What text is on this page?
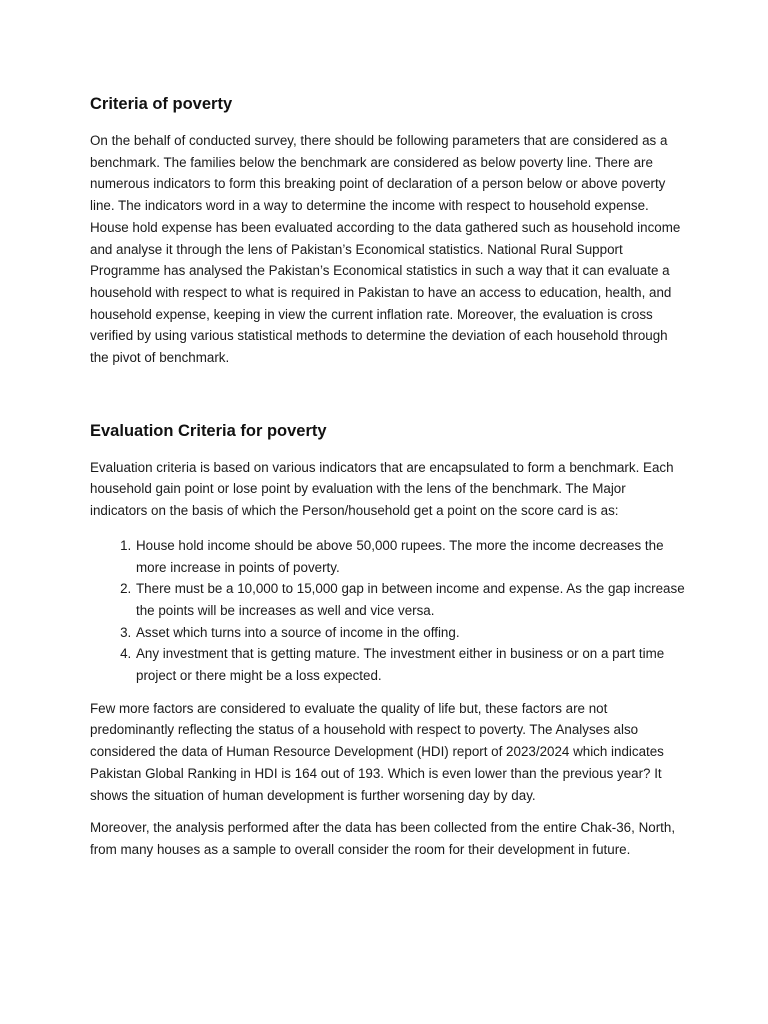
Criteria of poverty

On the behalf of conducted survey, there should be following parameters that are considered as a benchmark. The families below the benchmark are considered as below poverty line. There are numerous indicators to form this breaking point of declaration of a person below or above poverty line. The indicators word in a way to determine the income with respect to household expense. House hold expense has been evaluated according to the data gathered such as household income and analyse it through the lens of Pakistan’s Economical statistics. National Rural Support Programme has analysed the Pakistan’s Economical statistics in such a way that it can evaluate a household with respect to what is required in Pakistan to have an access to education, health, and household expense, keeping in view the current inflation rate. Moreover, the evaluation is cross verified by using various statistical methods to determine the deviation of each household through the pivot of benchmark.

Evaluation Criteria for poverty

Evaluation criteria is based on various indicators that are encapsulated to form a benchmark. Each household gain point or lose point by evaluation with the lens of the benchmark. The Major indicators on the basis of which the Person/household get a point on the score card is as:

1. House hold income should be above 50,000 rupees. The more the income decreases the more increase in points of poverty.
2. There must be a 10,000 to 15,000 gap in between income and expense. As the gap increase the points will be increases as well and vice versa.
3. Asset which turns into a source of income in the offing.
4. Any investment that is getting mature. The investment either in business or on a part time project or there might be a loss expected.

Few more factors are considered to evaluate the quality of life but, these factors are not predominantly reflecting the status of a household with respect to poverty. The Analyses also considered the data of Human Resource Development (HDI) report of 2023/2024 which indicates Pakistan Global Ranking in HDI is 164 out of 193. Which is even lower than the previous year? It shows the situation of human development is further worsening day by day.

Moreover, the analysis performed after the data has been collected from the entire Chak-36, North, from many houses as a sample to overall consider the room for their development in future.
